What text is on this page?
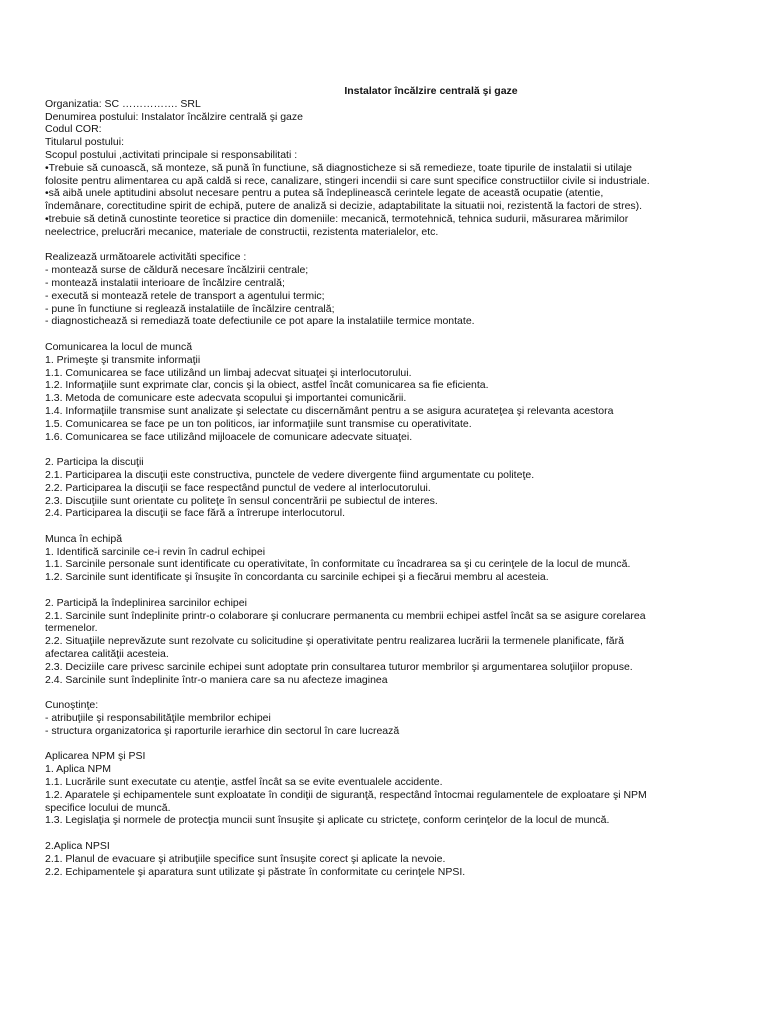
Instalator încălzire centrală şi gaze
Organizatia: SC ……………. SRL
Denumirea postului: Instalator încălzire centrală şi gaze
Codul COR:
Titularul postului:
Scopul postului ,activitati principale si responsabilitati :
•Trebuie să cunoască, să monteze, să pună în functiune, să diagnosticheze si să remedieze, toate tipurile de instalatii si utilaje
folosite pentru alimentarea cu apă caldă si rece, canalizare, stingeri incendii si care sunt specifice constructiilor civile si industriale.
•să aibă unele aptitudini absolut necesare pentru a putea să îndeplinească cerintele legate de această ocupatie (atentie,
îndemânare, corectitudine spirit de echipă, putere de analiză si decizie, adaptabilitate la situatii noi, rezistentă la factori de stres).
•trebuie să detină cunostinte teoretice si practice din domeniile: mecanică, termotehnică, tehnica sudurii, măsurarea mărimilor
neelectrice, prelucrări mecanice, materiale de constructii, rezistenta materialelor, etc.
Realizează următoarele activităti specifice :
- montează surse de căldură necesare încălzirii centrale;
- montează instalatii interioare de încălzire centrală;
- execută si montează retele de transport a agentului termic;
- pune în functiune si reglează instalatiile de încălzire centrală;
- diagnostichează si remediază toate defectiunile ce pot apare la instalatiile termice montate.
Comunicarea la locul de muncă
1. Primeşte şi transmite informaţii
1.1. Comunicarea se face utilizând un limbaj adecvat situaţei şi interlocutorului.
1.2. Informaţiile sunt exprimate clar, concis şi la obiect, astfel încât comunicarea sa fie eficienta.
1.3. Metoda de comunicare este adecvata scopului şi importantei comunicării.
1.4. Informaţiile transmise sunt analizate şi selectate cu discernământ pentru a se asigura acurateţea şi relevanta acestora
1.5. Comunicarea se face pe un ton politicos, iar informaţiile sunt transmise cu operativitate.
1.6. Comunicarea se face utilizând mijloacele de comunicare adecvate situaţei.
2. Participa la discuţii
2.1. Participarea la discuţii este constructiva, punctele de vedere divergente fiind argumentate cu politeţe.
2.2. Participarea la discuţii se face respectând punctul de vedere al interlocutorului.
2.3. Discuţiile sunt orientate cu politeţe în sensul concentrării pe subiectul de interes.
2.4. Participarea la discuţii se face fără a întrerupe interlocutorul.
Munca în echipă
1. Identifică sarcinile ce-i revin în cadrul echipei
1.1. Sarcinile personale sunt identificate cu operativitate, în conformitate cu încadrarea sa şi cu cerinţele de la locul de muncă.
1.2. Sarcinile sunt identificate şi însuşite în concordanta cu sarcinile echipei şi a fiecărui membru al acesteia.
2. Participă la îndeplinirea sarcinilor echipei
2.1. Sarcinile sunt îndeplinite printr-o colaborare şi conlucrare permanenta cu membrii echipei astfel încât sa se asigure corelarea
termenelor.
2.2. Situaţiile neprevăzute sunt rezolvate cu solicitudine şi operativitate pentru realizarea lucrării la termenele planificate, fără
afectarea calităţii acesteia.
2.3. Deciziile care privesc sarcinile echipei sunt adoptate prin consultarea tuturor membrilor şi argumentarea soluţiilor propuse.
2.4. Sarcinile sunt îndeplinite într-o maniera care sa nu afecteze imaginea
Cunoştinţe:
- atribuţiile şi responsabilităţile membrilor echipei
- structura organizatorica şi raporturile ierarhice din sectorul în care lucrează
Aplicarea NPM şi PSI
1. Aplica NPM
1.1. Lucrările sunt executate cu atenţie, astfel încât sa se evite eventualele accidente.
1.2. Aparatele şi echipamentele sunt exploatate în condiţii de siguranţă, respectând întocmai regulamentele de exploatare şi NPM
specifice locului de muncă.
1.3. Legislaţia şi normele de protecţia muncii sunt însuşite şi aplicate cu stricteţe, conform cerinţelor de la locul de muncă.
2.Aplica NPSI
2.1. Planul de evacuare şi atribuţiile specifice sunt însuşite corect şi aplicate la nevoie.
2.2. Echipamentele şi aparatura sunt utilizate şi păstrate în conformitate cu cerinţele NPSI.
